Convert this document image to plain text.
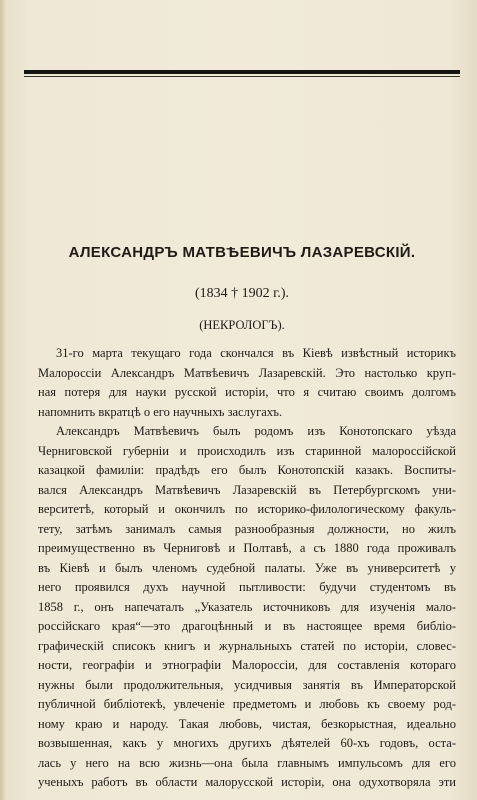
АЛЕКСАНДРЪ МАТВѢЕВИЧЪ ЛАЗАРЕВСКІЙ.
(1834 † 1902 г.).
(НЕКРОЛОГЪ).
31-го марта текущаго года скончался въ Кіевѣ извѣстный историкъ
Малороссіи Александръ Матвѣевичъ Лазаревскій. Это настолько круп-
ная потеря для науки русской исторіи, что я считаю своимъ долгомъ
напомнить вкратцѣ о его научныхъ заслугахъ.
Александръ Матвѣевичъ былъ родомъ изъ Конотопскаго уѣзда
Черниговской губерніи и происходилъ изъ старинной малороссійской
казацкой фамиліи: прадѣдъ его былъ Конотопскій казакъ. Воспиты-
вался Александръ Матвѣевичъ Лазаревскій въ Петербургскомъ уни-
верситетѣ, который и окончилъ по историко-филологическому факуль-
тету, затѣмъ занималъ самыя разнообразныя должности, но жилъ
преимущественно въ Черниговѣ и Полтавѣ, а съ 1880 года проживалъ
въ Кіевѣ и былъ членомъ судебной палаты. Уже въ университетѣ у
него проявился духъ научной пытливости: будучи студентомъ въ
1858 г., онъ напечаталъ „Указатель источниковъ для изученія мало-
россійскаго края“—это драгоцѣнный и въ настоящее время библіо-
графическій списокъ книгъ и журнальныхъ статей по исторіи, словес-
ности, географіи и этнографіи Малороссіи, для составленія котораго
нужны были продолжительныя, усидчивыя занятія въ Императорской
публичной библіотекѣ, увлеченіе предметомъ и любовь къ своему род-
ному краю и народу. Такая любовь, чистая, безкорыстная, идеально
возвышенная, какъ у многихъ другихъ дѣятелей 60-хъ годовъ, оста-
лась у него на всю жизнь—она была главнымъ импульсомъ для его
ученыхъ работъ въ области малорусской исторіи, она одухотворяла эти
